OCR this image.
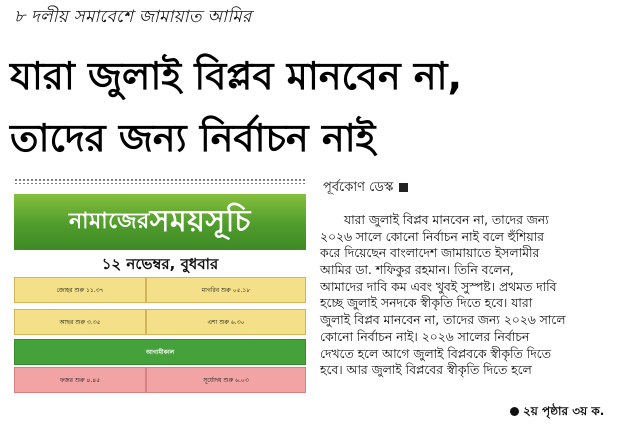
৮ দলীয় সমাবেশে জামায়াত আমির
যারা জুলাই বিপ্লব মানবেন না,
তাদের জন্য নির্বাচন নাই
নামাজের সময়সূচি
১২ নভেম্বর, বুধবার
জোহর শুরু ১১.৩৭	মাগরিব শুরু ০৫.১৮
আছর শুরু ৩.৩৫	এশা শুরু ৬.৩০
আগামীকাল
ফজর শুরু ৪.৪৫	সূর্যোদয় শুরু ৬.০৩
পূর্বকোণ ডেস্ক
যারা জুলাই বিপ্লব মানবেন না, তাদের জন্য
২০২৬ সালে কোনো নির্বাচন নাই বলে হুঁশিয়ার
করে দিয়েছেন বাংলাদেশ জামায়াতে ইসলামীর
আমির ডা. শফিকুর রহমান। তিনি বলেন,
আমাদের দাবি কম এবং খুবই সুস্পষ্ট। প্রথমত দাবি
হচ্ছে জুলাই সনদকে স্বীকৃতি দিতে হবে। যারা
জুলাই বিপ্লব মানবেন না, তাদের জন্য ২০২৬ সালে
কোনো নির্বাচন নাই। ২০২৬ সালের নির্বাচন
দেখতে হলে আগে জুলাই বিপ্লবকে স্বীকৃতি দিতে
হবে। আর জুলাই বিপ্লবের স্বীকৃতি দিতে হলে
২য় পৃষ্ঠার ৩য় ক.
